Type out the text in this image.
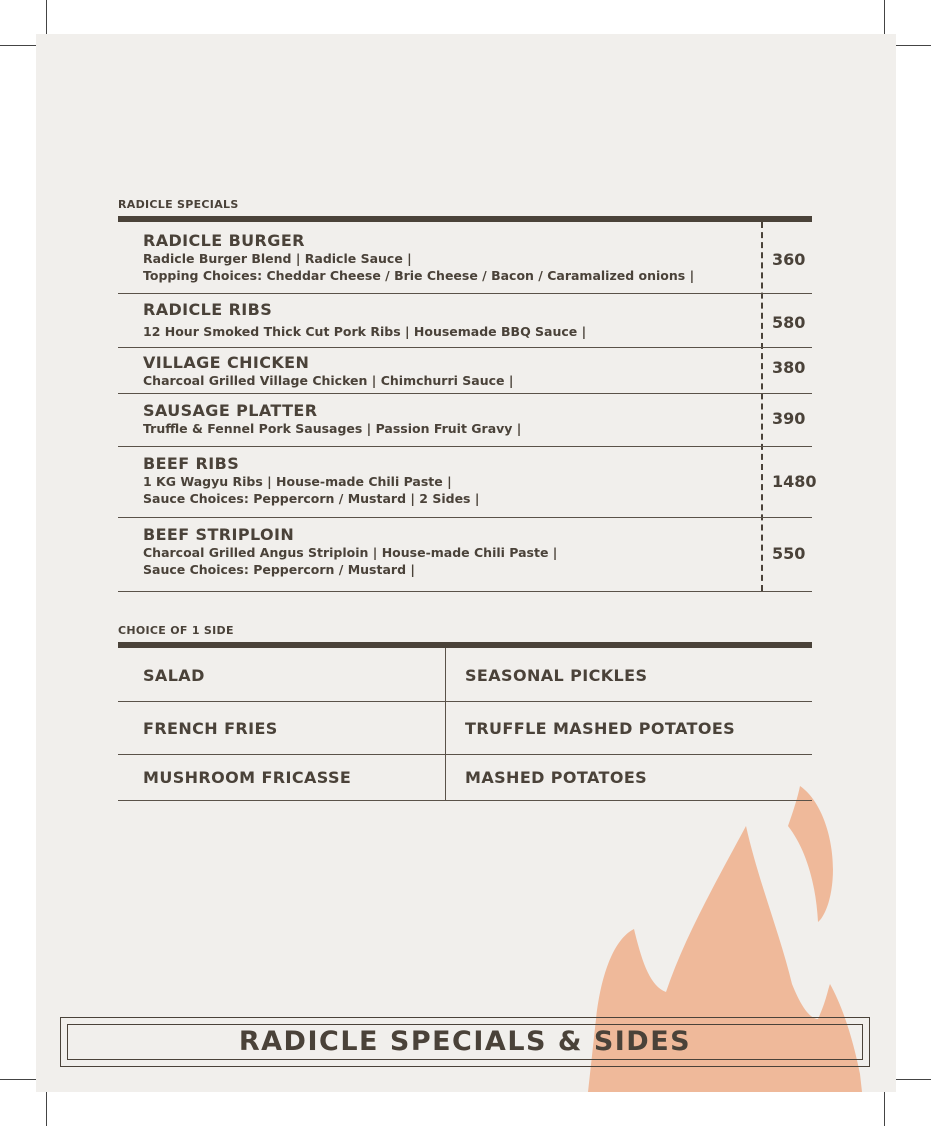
RADICLE SPECIALS
RADICLE BURGER
Radicle Burger Blend | Radicle Sauce |
Topping Choices: Cheddar Cheese / Brie Cheese / Bacon / Caramalized onions |
360
RADICLE RIBS
12 Hour Smoked Thick Cut Pork Ribs | Housemade BBQ Sauce |	580
VILLAGE CHICKEN
Charcoal Grilled Village Chicken | Chimchurri Sauce |
380
SAUSAGE PLATTER
Truffle & Fennel Pork Sausages | Passion Fruit Gravy |
390
BEEF RIBS
1 KG Wagyu Ribs | House-made Chili Paste |
Sauce Choices: Peppercorn / Mustard | 2 Sides |
1480
BEEF STRIPLOIN
Charcoal Grilled Angus Striploin | House-made Chili Paste |
Sauce Choices: Peppercorn / Mustard |
550
CHOICE OF 1 SIDE
SALAD	SEASONAL PICKLES
FRENCH FRIES	TRUFFLE MASHED POTATOES
MUSHROOM FRICASSE	MASHED POTATOES
RADICLE SPECIALS & SIDES
